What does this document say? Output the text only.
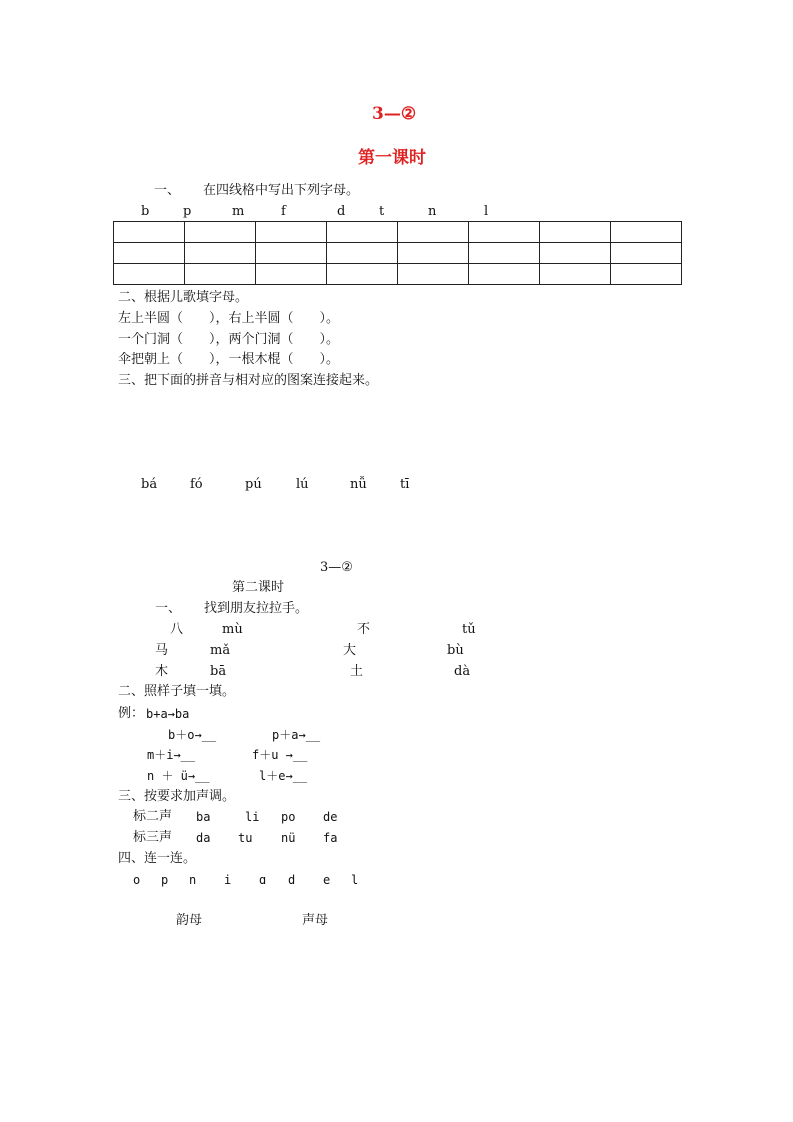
3—②
第一课时
一、 在四线格中写出下列字母。
b	p	m	f	d	t	n	l

二、根据儿歌填字母。
左上半圆（　　），右上半圆（　　）。
一个门洞（　　），两个门洞（　　）。
伞把朝上（　　），一根木棍（　　）。
三、把下面的拼音与相对应的图案连接起来。
bá	fó	pú	lú	nǚ	tī
3—②
第二课时
一、 找到朋友拉拉手。
八	mù	不	tǔ
马	mǎ	大	bù
木	bā	土	dà
二、照样子填一填。
例： b+a→ba
b＋o→__	p＋a→__
m＋i→__	f＋u →__
n ＋ ü→__	l＋e→__
三、按要求加声调。
标二声 ba	li po de
标三声 da tu nü fa
四、连一连。
o p n i ɑ d e l
韵母	声母
